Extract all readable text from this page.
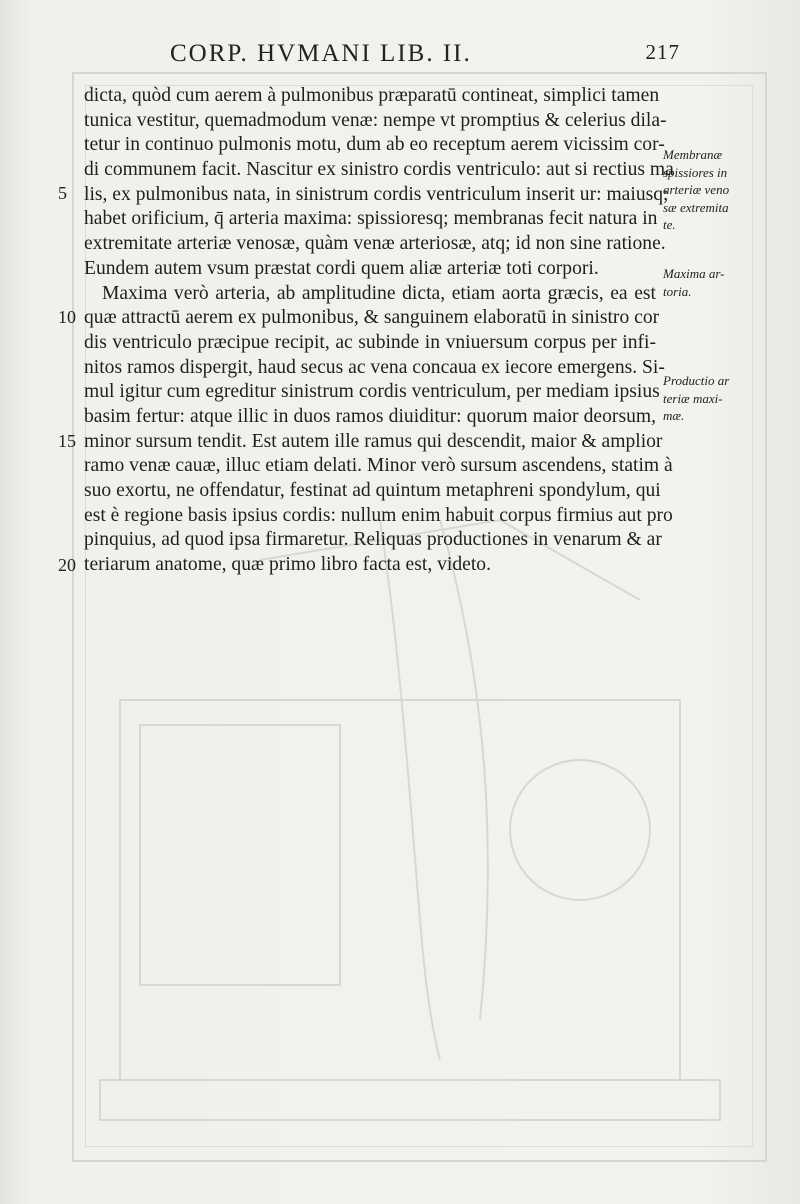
CORP. HVMANI LIB. II.	217
dicta, quòd cum aerem à pulmonibus præparatū contineat, simplici tamen
tunica vestitur, quemadmodum venæ: nempe vt promptius & celerius dila-
tetur in continuo pulmonis motu, dum ab eo receptum aerem vicissim cor-
di communem facit. Nascitur ex sinistro cordis ventriculo: aut si rectius ma
lis, ex pulmonibus nata, in sinistrum cordis ventriculum inserit ur: maiusq;
habet orificium, q̄ arteria maxima: spissioresq; membranas fecit natura in
extremitate arteriæ venosæ, quàm venæ arteriosæ, atq; id non sine ratione.
Eundem autem vsum præstat cordi quem aliæ arteriæ toti corpori.
Maxima verò arteria, ab amplitudine dicta, etiam aorta græcis, ea est
quæ attractū aerem ex pulmonibus, & sanguinem elaboratū in sinistro cor
dis ventriculo præcipue recipit, ac subinde in vniuersum corpus per infi-
nitos ramos dispergit, haud secus ac vena concaua ex iecore emergens. Si-
mul igitur cum egreditur sinistrum cordis ventriculum, per mediam ipsius
basim fertur: atque illic in duos ramos diuiditur: quorum maior deorsum,
minor sursum tendit. Est autem ille ramus qui descendit, maior & amplior
ramo venæ cauæ, illuc etiam delati. Minor verò sursum ascendens, statim à
suo exortu, ne offendatur, festinat ad quintum metaphreni spondylum, qui
est è regione basis ipsius cordis: nullum enim habuit corpus firmius aut pro
pinquius, ad quod ipsa firmaretur. Reliquas productiones in venarum & ar
teriarum anatome, quæ primo libro facta est, videto.
5
10
15
20
Membranæ
spissiores in
arteriæ veno
sæ extremita
te.
Maxima ar-
toria.
Productio ar
teriæ maxi-
mæ.
